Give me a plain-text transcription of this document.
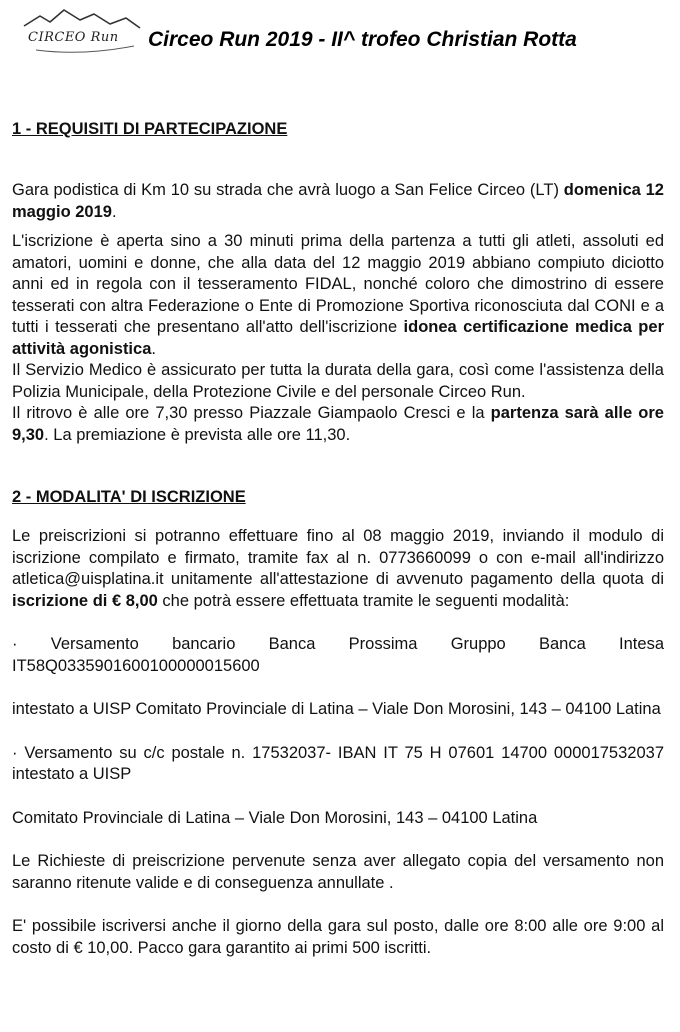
CIRCEO Run Circeo Run 2019 - II^ trofeo Christian Rotta
1 - REQUISITI DI PARTECIPAZIONE

Gara podistica di Km 10 su strada che avrà luogo a San Felice Circeo (LT) domenica 12 maggio 2019.

L'iscrizione è aperta sino a 30 minuti prima della partenza a tutti gli atleti, assoluti ed amatori, uomini e donne, che alla data del 12 maggio 2019 abbiano compiuto diciotto anni ed in regola con il tesseramento FIDAL, nonché coloro che dimostrino di essere tesserati con altra Federazione o Ente di Promozione Sportiva riconosciuta dal CONI e a tutti i tesserati che presentano all'atto dell'iscrizione idonea certificazione medica per attività agonistica.

Il Servizio Medico è assicurato per tutta la durata della gara, così come l'assistenza della Polizia Municipale, della Protezione Civile e del personale Circeo Run.

Il ritrovo è alle ore 7,30 presso Piazzale Giampaolo Cresci e la partenza sarà alle ore 9,30. La premiazione è prevista alle ore 11,30.

2 - MODALITA' DI ISCRIZIONE

Le preiscrizioni si potranno effettuare fino al 08 maggio 2019, inviando il modulo di iscrizione compilato e firmato, tramite fax al n. 0773660099 o con e-mail all'indirizzo atletica@uisplatina.it unitamente all'attestazione di avvenuto pagamento della quota di iscrizione di € 8,00 che potrà essere effettuata tramite le seguenti modalità:

· Versamento bancario Banca Prossima Gruppo Banca Intesa IT58Q0335901600100000015600

intestato a UISP Comitato Provinciale di Latina – Viale Don Morosini, 143 – 04100 Latina

· Versamento su c/c postale n. 17532037- IBAN IT 75 H 07601 14700 000017532037 intestato a UISP

Comitato Provinciale di Latina – Viale Don Morosini, 143 – 04100 Latina

Le Richieste di preiscrizione pervenute senza aver allegato copia del versamento non saranno ritenute valide e di conseguenza annullate .

E' possibile iscriversi anche il giorno della gara sul posto, dalle ore 8:00 alle ore 9:00 al costo di € 10,00. Pacco gara garantito ai primi 500 iscritti.
